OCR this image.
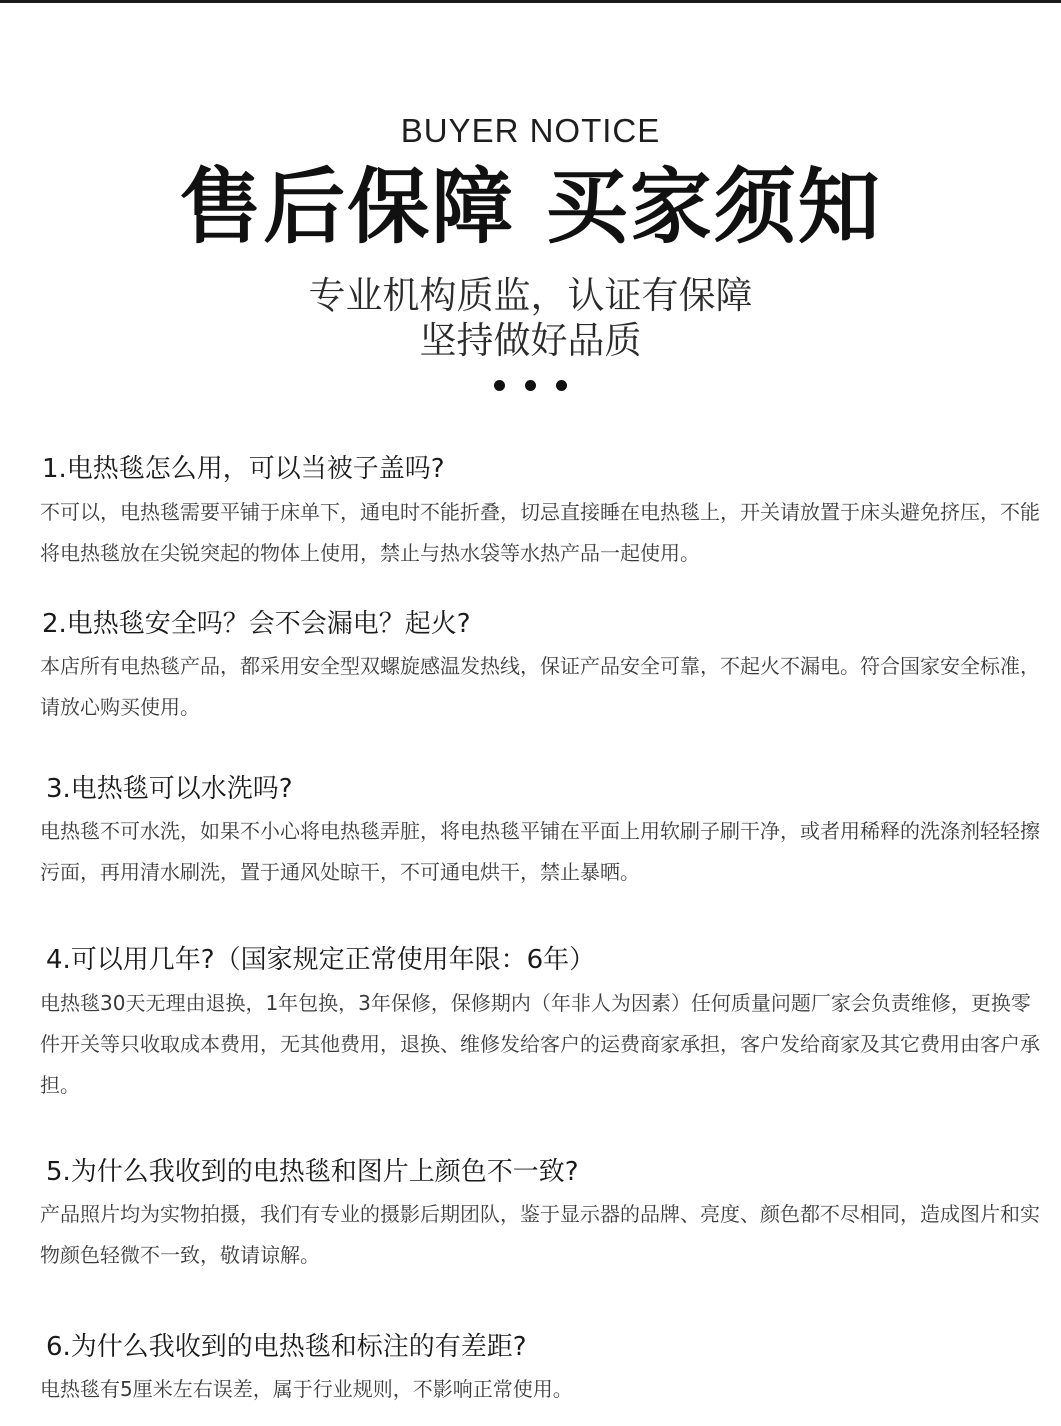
BUYER NOTICE
售后保障 买家须知
专业机构质监，认证有保障
坚持做好品质

1.电热毯怎么用，可以当被子盖吗?

不可以，电热毯需要平铺于床单下，通电时不能折叠，切忌直接睡在电热毯上，开关请放置于床头避免挤压，不能将电热毯放在尖锐突起的物体上使用，禁止与热水袋等水热产品一起使用。

2.电热毯安全吗？会不会漏电？起火?

本店所有电热毯产品，都采用安全型双螺旋感温发热线，保证产品安全可靠，不起火不漏电。符合国家安全标准，请放心购买使用。

3.电热毯可以水洗吗?

电热毯不可水洗，如果不小心将电热毯弄脏，将电热毯平铺在平面上用软刷子刷干净，或者用稀释的洗涤剂轻轻擦污面，再用清水刷洗，置于通风处晾干，不可通电烘干，禁止暴晒。

4.可以用几年?（国家规定正常使用年限：6年）

电热毯30天无理由退换，1年包换，3年保修，保修期内（年非人为因素）任何质量问题厂家会负责维修，更换零件开关等只收取成本费用，无其他费用，退换、维修发给客户的运费商家承担，客户发给商家及其它费用由客户承担。

5.为什么我收到的电热毯和图片上颜色不一致?

产品照片均为实物拍摄，我们有专业的摄影后期团队，鉴于显示器的品牌、亮度、颜色都不尽相同，造成图片和实物颜色轻微不一致，敬请谅解。

6.为什么我收到的电热毯和标注的有差距?

电热毯有5厘米左右误差，属于行业规则，不影响正常使用。
